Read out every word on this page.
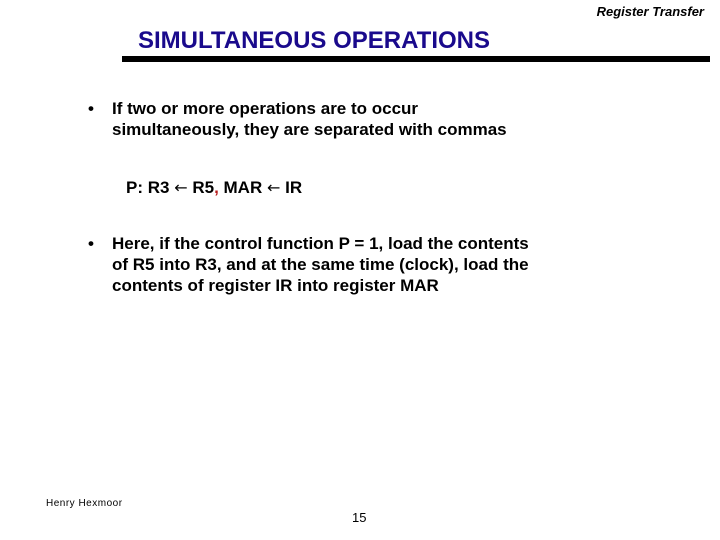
Register Transfer
SIMULTANEOUS OPERATIONS
• If two or more operations are to occur
simultaneously, they are separated with commas
P: R3 ← R5, MAR ← IR
• Here, if the control function P = 1, load the contents
of R5 into R3, and at the same time (clock), load the
contents of register IR into register MAR
Henry Hexmoor
15
